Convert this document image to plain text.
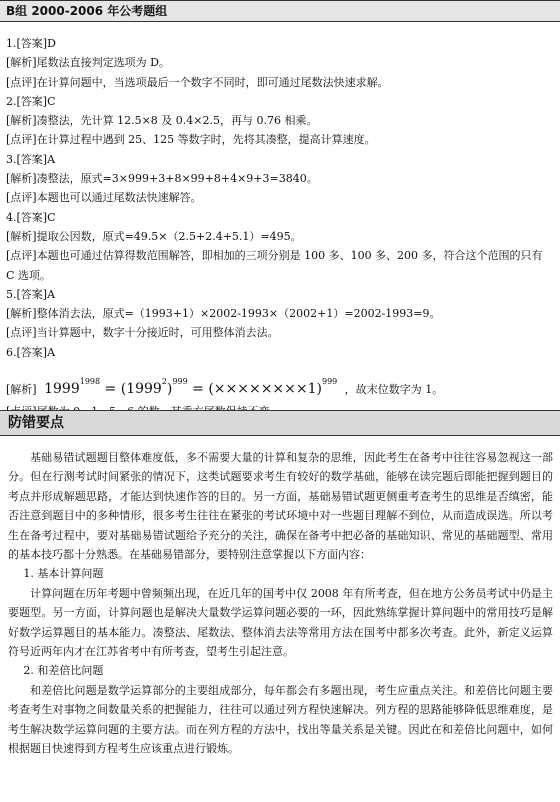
B组 2000-2006 年公考题组
1.[答案]D
[解析]尾数法直接判定选项为 D。
[点评]在计算问题中，当选项最后一个数字不同时，即可通过尾数法快速求解。
2.[答案]C
[解析]凑整法，先计算 12.5×8 及 0.4×2.5，再与 0.76 相乘。
[点评]在计算过程中遇到 25、125 等数字时，先将其凑整，提高计算速度。
3.[答案]A
[解析]凑整法，原式=3×999+3+8×99+8+4×9+3=3840。
[点评]本题也可以通过尾数法快速解答。
4.[答案]C
[解析]提取公因数，原式=49.5×（2.5+2.4+5.1）=495。
[点评]本题也可通过估算得数范围解答，即相加的三项分别是 100 多、100 多、200 多，符合这个范围的只有 C 选项。
5.[答案]A
[解析]整体消去法，原式=（1993+1）×2002-1993×（2002+1）=2002-1993=9。
[点评]当计算题中，数字十分接近时，可用整体消去法。
6.[答案]A
[解析] $1999^{1998} = (1999^2)^{999} = (\times\times\times\times\times\times\times\times 1)^{999}$ ，故末位数字为 1。
防错要点

基础易错试题题目整体难度低，多不需要大量的计算和复杂的思维，因此考生在备考中往往容易忽视这一部分。但在行测考试时间紧张的情况下，这类试题要求考生有较好的数学基础，能够在读完题后即能把握到题目的考点并形成解题思路，才能达到快速作答的目的。另一方面，基础易错试题更侧重考查考生的思维是否缜密，能否注意到题目中的多种情形，很多考生往往在紧张的考试环境中对一些题目理解不到位，从而造成误选。所以考生在备考过程中，要对基础易错试题给予充分的关注，确保在备考中把必备的基础知识、常见的基础题型、常用的基本技巧都十分熟悉。在基础易错部分，要特别注意掌握以下方面内容：

1. 基本计算问题

计算问题在历年考题中曾频频出现，在近几年的国考中仅 2008 年有所考查，但在地方公务员考试中仍是主要题型。另一方面，计算问题也是解决大量数学运算问题必要的一环，因此熟练掌握计算问题中的常用技巧是解好数学运算题目的基本能力。凑整法、尾数法、整体消去法等常用方法在国考中都多次考查。此外，新定义运算符号近两年内才在江苏省考中有所考查，望考生引起注意。

2. 和差倍比问题

和差倍比问题是数学运算部分的主要组成部分，每年都会有多题出现，考生应重点关注。和差倍比问题主要考查考生对事物之间数量关系的把握能力，往往可以通过列方程快速解决。列方程的思路能够降低思维难度，是考生解决数学运算问题的主要方法。而在列方程的方法中，找出等量关系是关键。因此在和差倍比问题中，如何根据题目快速得到方程考生应该重点进行锻炼。
